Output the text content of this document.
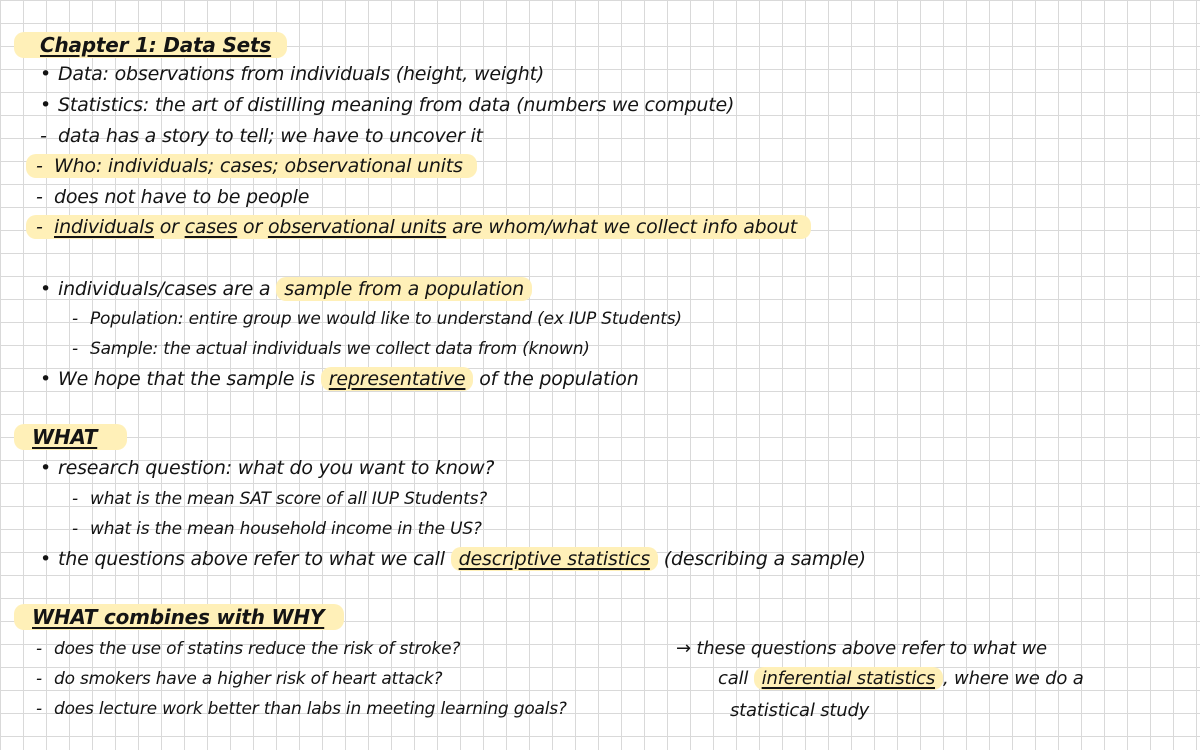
Chapter 1: Data Sets
• Data: observations from individuals (height, weight)
• Statistics: the art of distilling meaning from data (numbers we compute)
- data has a story to tell; we have to uncover it
- Who: individuals; cases; observational units
- does not have to be people
- individuals or cases or observational units are whom/what we collect info about
• individuals/cases are a sample from a population
- Population: entire group we would like to understand (ex IUP Students)
- Sample: the actual individuals we collect data from (known)
• We hope that the sample is representative of the population
WHAT
• research question: what do you want to know?
- what is the mean SAT score of all IUP Students?
- what is the mean household income in the US?
• the questions above refer to what we call descriptive statistics (describing a sample)
WHAT combines with WHY
- does the use of statins reduce the risk of stroke?
- do smokers have a higher risk of heart attack?
- does lecture work better than labs in meeting learning goals?
→ these questions above refer to what we
call inferential statistics , where we do a
statistical study
